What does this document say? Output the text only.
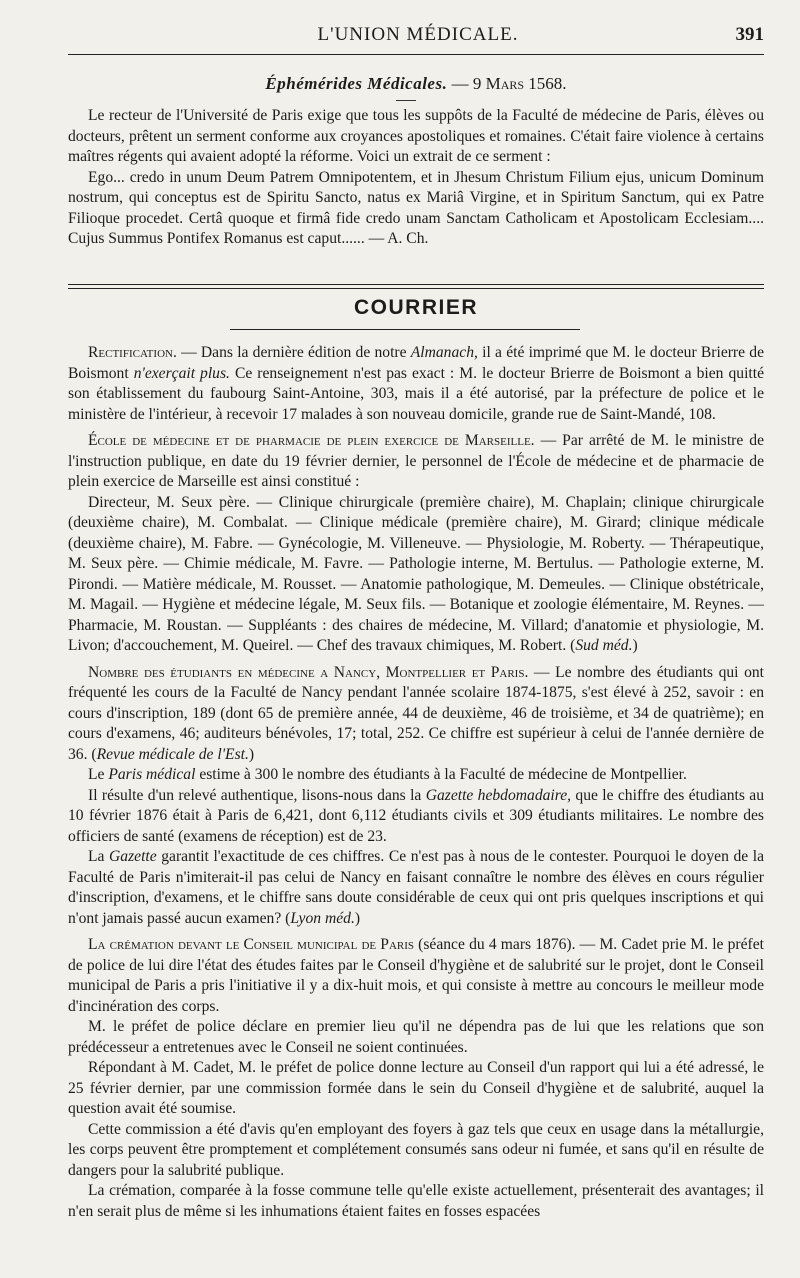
L'UNION MÉDICALE.	391
Éphémérides Médicales. — 9 Mars 1568.

Le recteur de l'Université de Paris exige que tous les suppôts de la Faculté de médecine de Paris, élèves ou docteurs, prêtent un serment conforme aux croyances apostoliques et romaines. C'était faire violence à certains maîtres régents qui avaient adopté la réforme. Voici un extrait de ce serment :

Ego... credo in unum Deum Patrem Omnipotentem, et in Jhesum Christum Filium ejus, unicum Dominum nostrum, qui conceptus est de Spiritu Sancto, natus ex Mariâ Virgine, et in Spiritum Sanctum, qui ex Patre Filioque procedet. Certâ quoque et firmâ fide credo unam Sanctam Catholicam et Apostolicam Ecclesiam.... Cujus Summus Pontifex Romanus est caput...... — A. Ch.

COURRIER

Rectification. — Dans la dernière édition de notre Almanach, il a été imprimé que M. le docteur Brierre de Boismont n'exerçait plus. Ce renseignement n'est pas exact : M. le docteur Brierre de Boismont a bien quitté son établissement du faubourg Saint-Antoine, 303, mais il a été autorisé, par la préfecture de police et le ministère de l'intérieur, à recevoir 17 malades à son nouveau domicile, grande rue de Saint-Mandé, 108.

École de médecine et de pharmacie de plein exercice de Marseille. — Par arrêté de M. le ministre de l'instruction publique, en date du 19 février dernier, le personnel de l'École de médecine et de pharmacie de plein exercice de Marseille est ainsi constitué :

Directeur, M. Seux père. — Clinique chirurgicale (première chaire), M. Chaplain; clinique chirurgicale (deuxième chaire), M. Combalat. — Clinique médicale (première chaire), M. Girard; clinique médicale (deuxième chaire), M. Fabre. — Gynécologie, M. Villeneuve. — Physiologie, M. Roberty. — Thérapeutique, M. Seux père. — Chimie médicale, M. Favre. — Pathologie interne, M. Bertulus. — Pathologie externe, M. Pirondi. — Matière médicale, M. Rousset. — Anatomie pathologique, M. Demeules. — Clinique obstétricale, M. Magail. — Hygiène et médecine légale, M. Seux fils. — Botanique et zoologie élémentaire, M. Reynes. — Pharmacie, M. Roustan. — Suppléants : des chaires de médecine, M. Villard; d'anatomie et physiologie, M. Livon; d'accouchement, M. Queirel. — Chef des travaux chimiques, M. Robert. (Sud méd.)

Nombre des étudiants en médecine a Nancy, Montpellier et Paris. — Le nombre des étudiants qui ont fréquenté les cours de la Faculté de Nancy pendant l'année scolaire 1874-1875, s'est élevé à 252, savoir : en cours d'inscription, 189 (dont 65 de première année, 44 de deuxième, 46 de troisième, et 34 de quatrième); en cours d'examens, 46; auditeurs bénévoles, 17; total, 252. Ce chiffre est supérieur à celui de l'année dernière de 36. (Revue médicale de l'Est.)

Le Paris médical estime à 300 le nombre des étudiants à la Faculté de médecine de Montpellier.

Il résulte d'un relevé authentique, lisons-nous dans la Gazette hebdomadaire, que le chiffre des étudiants au 10 février 1876 était à Paris de 6,421, dont 6,112 étudiants civils et 309 étudiants militaires. Le nombre des officiers de santé (examens de réception) est de 23.

La Gazette garantit l'exactitude de ces chiffres. Ce n'est pas à nous de le contester. Pourquoi le doyen de la Faculté de Paris n'imiterait-il pas celui de Nancy en faisant connaître le nombre des élèves en cours régulier d'inscription, d'examens, et le chiffre sans doute considérable de ceux qui ont pris quelques inscriptions et qui n'ont jamais passé aucun examen? (Lyon méd.)

La crémation devant le Conseil municipal de Paris (séance du 4 mars 1876). — M. Cadet prie M. le préfet de police de lui dire l'état des études faites par le Conseil d'hygiène et de salubrité sur le projet, dont le Conseil municipal de Paris a pris l'initiative il y a dix-huit mois, et qui consiste à mettre au concours le meilleur mode d'incinération des corps.

M. le préfet de police déclare en premier lieu qu'il ne dépendra pas de lui que les relations que son prédécesseur a entretenues avec le Conseil ne soient continuées.

Répondant à M. Cadet, M. le préfet de police donne lecture au Conseil d'un rapport qui lui a été adressé, le 25 février dernier, par une commission formée dans le sein du Conseil d'hygiène et de salubrité, auquel la question avait été soumise.

Cette commission a été d'avis qu'en employant des foyers à gaz tels que ceux en usage dans la métallurgie, les corps peuvent être promptement et complétement consumés sans odeur ni fumée, et sans qu'il en résulte de dangers pour la salubrité publique.

La crémation, comparée à la fosse commune telle qu'elle existe actuellement, présenterait des avantages; il n'en serait plus de même si les inhumations étaient faites en fosses espacées
